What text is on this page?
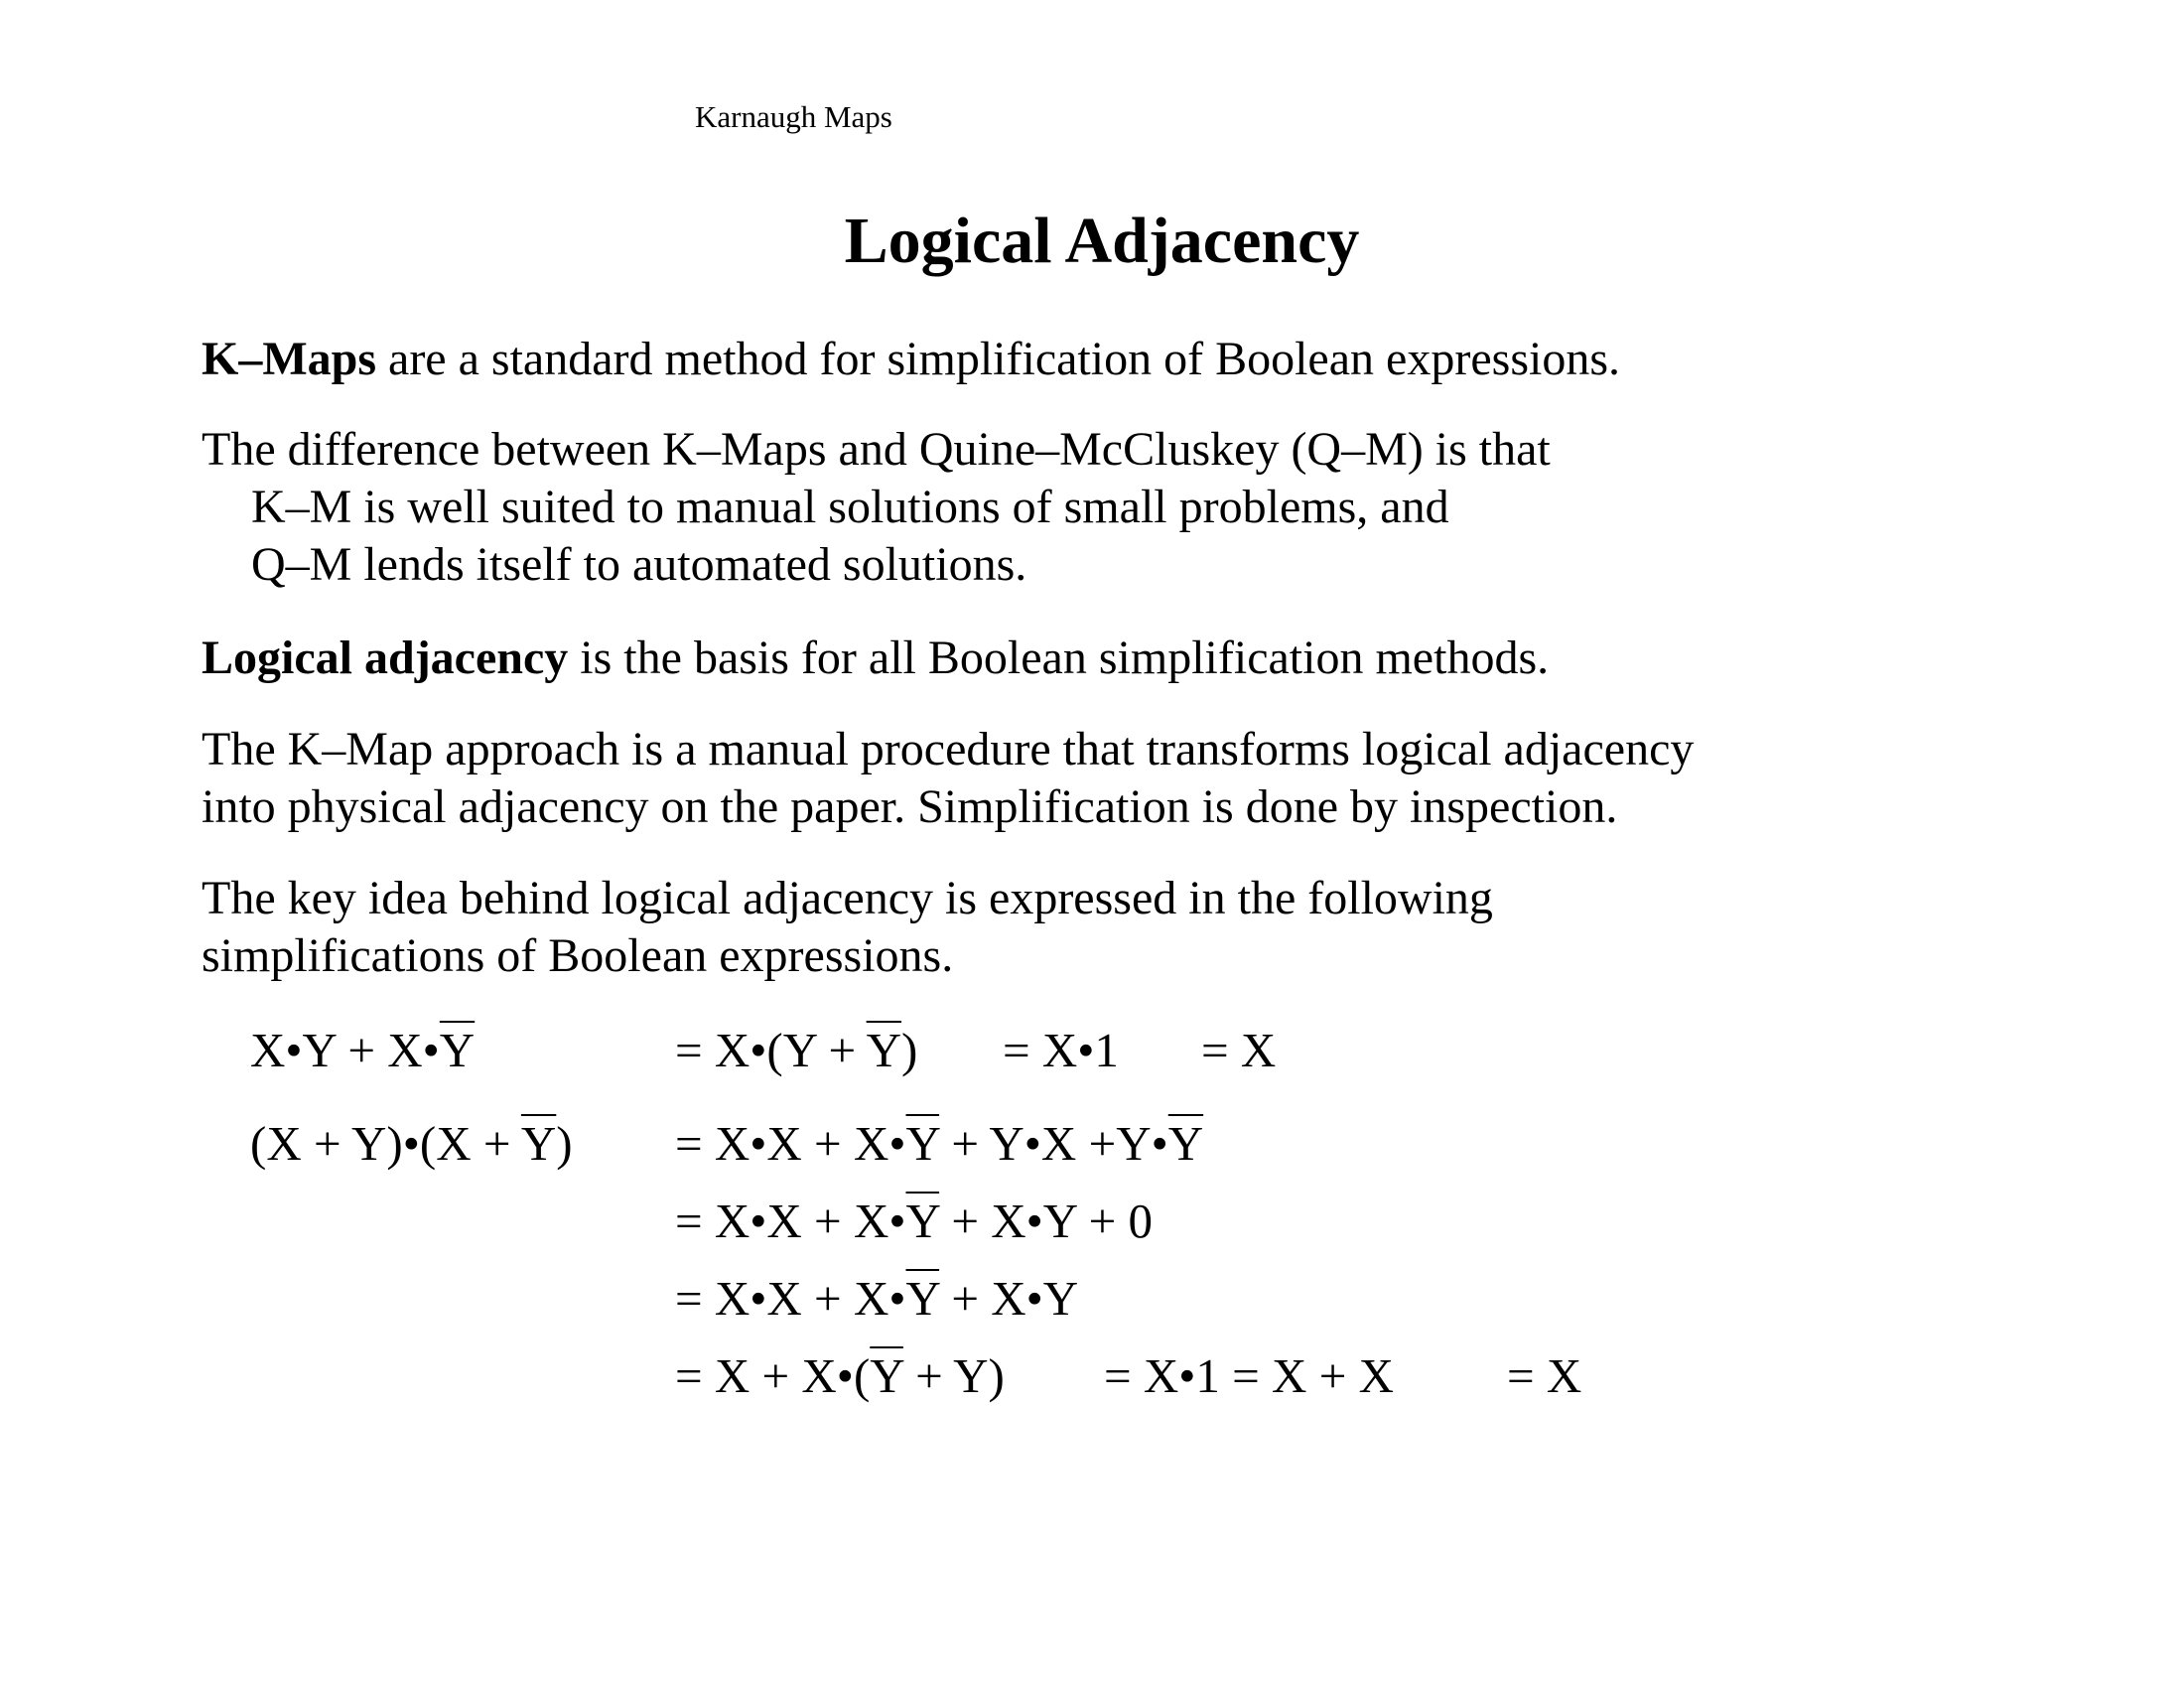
Karnaugh Maps
Logical Adjacency
K–Maps are a standard method for simplification of Boolean expressions.
The difference between K–Maps and Quine–McCluskey (Q–M) is that
K–M is well suited to manual solutions of small problems, and
Q–M lends itself to automated solutions.
Logical adjacency is the basis for all Boolean simplification methods.
The K–Map approach is a manual procedure that transforms logical adjacency
into physical adjacency on the paper. Simplification is done by inspection.
The key idea behind logical adjacency is expressed in the following
simplifications of Boolean expressions.
X•Y + $X•\overline{Y}$	= X•(Y + $\overline{Y}$) = X•1 = X
(X + Y)•(X + $\overline{Y}$) = X•X + $X•\overline{Y}$ + Y•X $+Y•\overline{Y}$
= X•X + $X•\overline{Y}$ + X•Y + 0
= X•X + $X•\overline{Y}$ + X•Y
= $X + X•(\overline{Y} + Y)$ = X•1 = X + X = X
